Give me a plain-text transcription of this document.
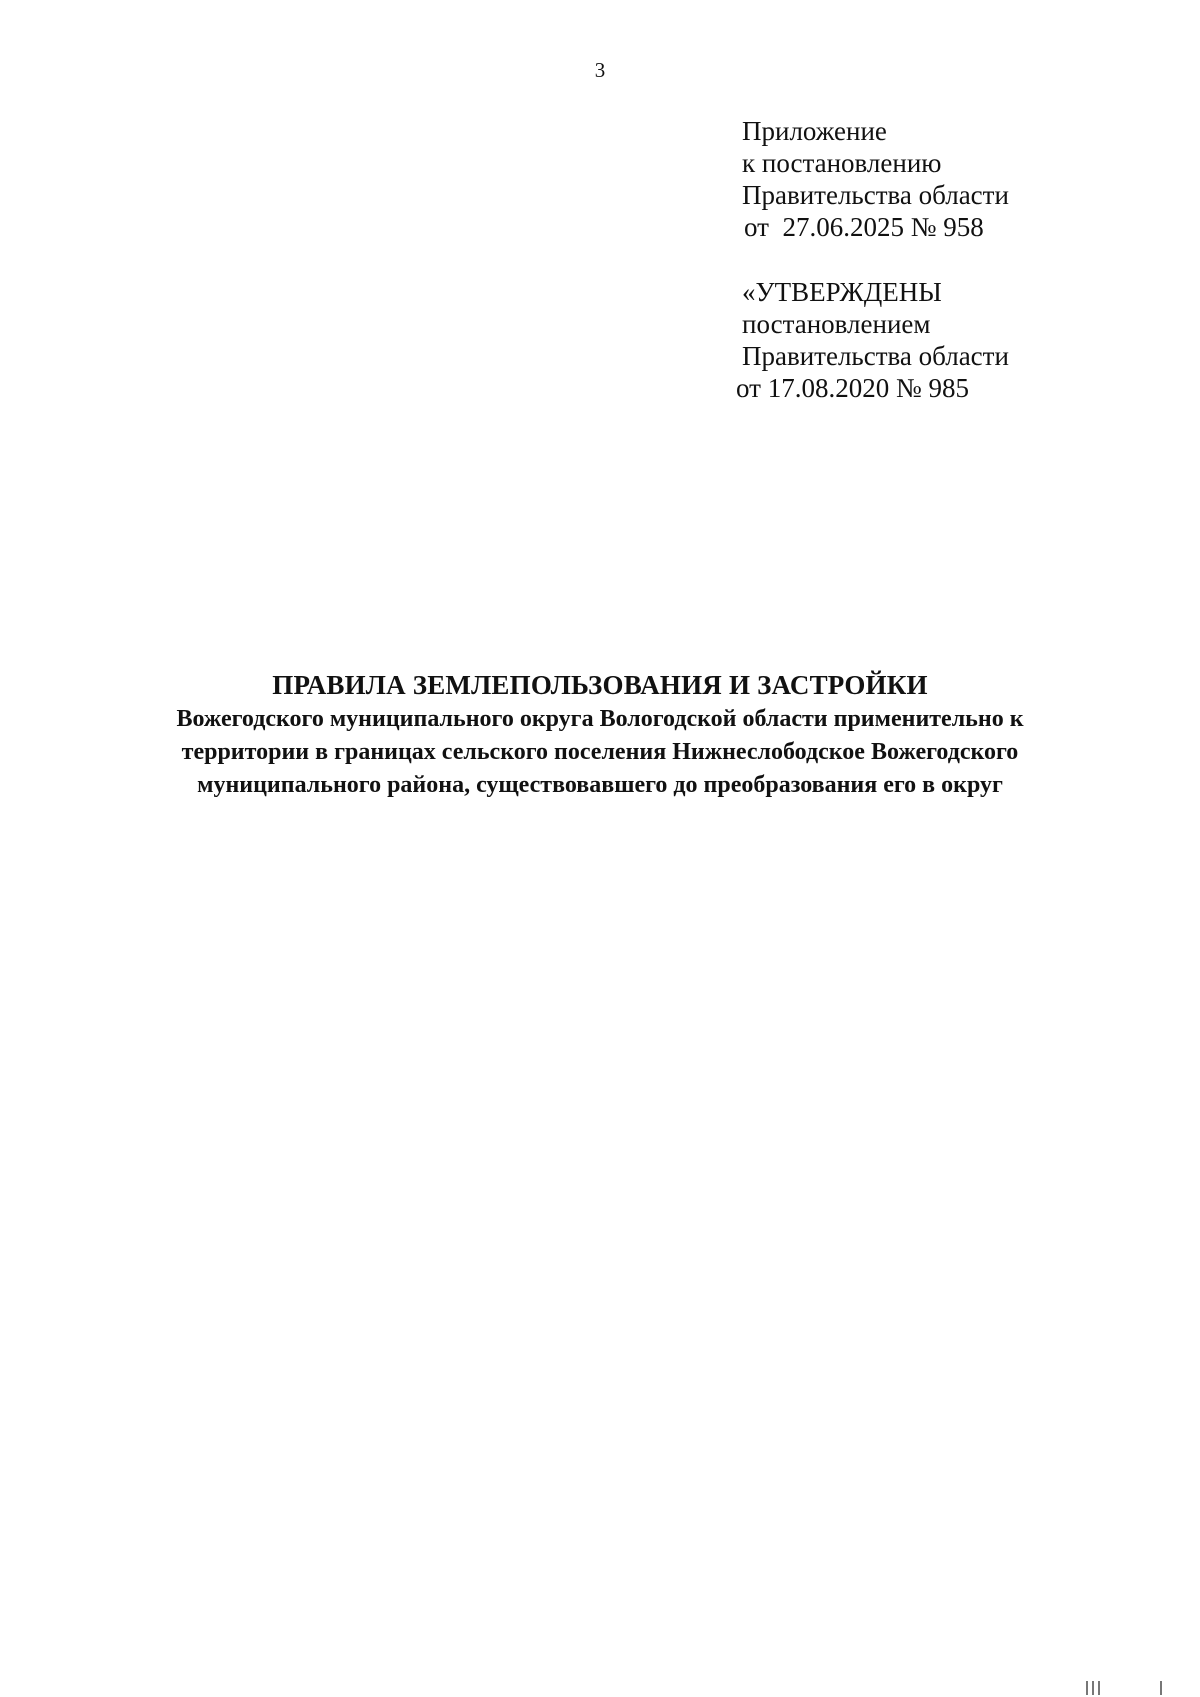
3
Приложение
к постановлению
Правительства области
от  27.06.2025 № 958
«УТВЕРЖДЕНЫ
постановлением
Правительства области
от 17.08.2020 № 985
ПРАВИЛА ЗЕМЛЕПОЛЬЗОВАНИЯ И ЗАСТРОЙКИ
Вожегодского муниципального округа Вологодской области применительно к
территории в границах сельского поселения Нижнеслободское Вожегодского
муниципального района, существовавшего до преобразования его в округ
